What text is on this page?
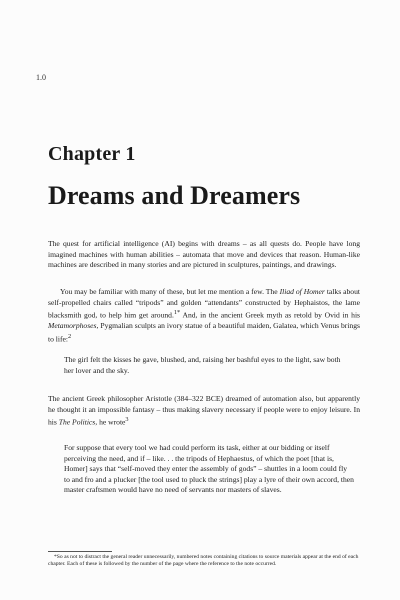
1.0
Chapter 1
Dreams and Dreamers

The quest for artificial intelligence (AI) begins with dreams – as all quests do. People have long imagined machines with human abilities – automata that move and devices that reason. Human-like machines are described in many stories and are pictured in sculptures, paintings, and drawings.

You may be familiar with many of these, but let me mention a few. The Iliad of Homer talks about self-propelled chairs called “tripods” and golden “attendants” constructed by Hephaistos, the lame blacksmith god, to help him get around.$^{1*}$ And, in the ancient Greek myth as retold by Ovid in his Metamorphoses, Pygmalian sculpts an ivory statue of a beautiful maiden, Galatea, which Venus brings to life:$^2$

The girl felt the kisses he gave, blushed, and, raising her bashful eyes to the light, saw both her lover and the sky.

The ancient Greek philosopher Aristotle (384–322 BCE) dreamed of automation also, but apparently he thought it an impossible fantasy – thus making slavery necessary if people were to enjoy leisure. In his The Politics, he wrote$^3$

For suppose that every tool we had could perform its task, either at our bidding or itself perceiving the need, and if – like. . . the tripods of Hephaestus, of which the poet [that is, Homer] says that “self-moved they enter the assembly of gods” – shuttles in a loom could fly to and fro and a plucker [the tool used to pluck the strings] play a lyre of their own accord, then master craftsmen would have no need of servants nor masters of slaves.

*So as not to distract the general reader unnecessarily, numbered notes containing citations to source materials appear at the end of each chapter. Each of these is followed by the number of the page where the reference to the note occurred.
